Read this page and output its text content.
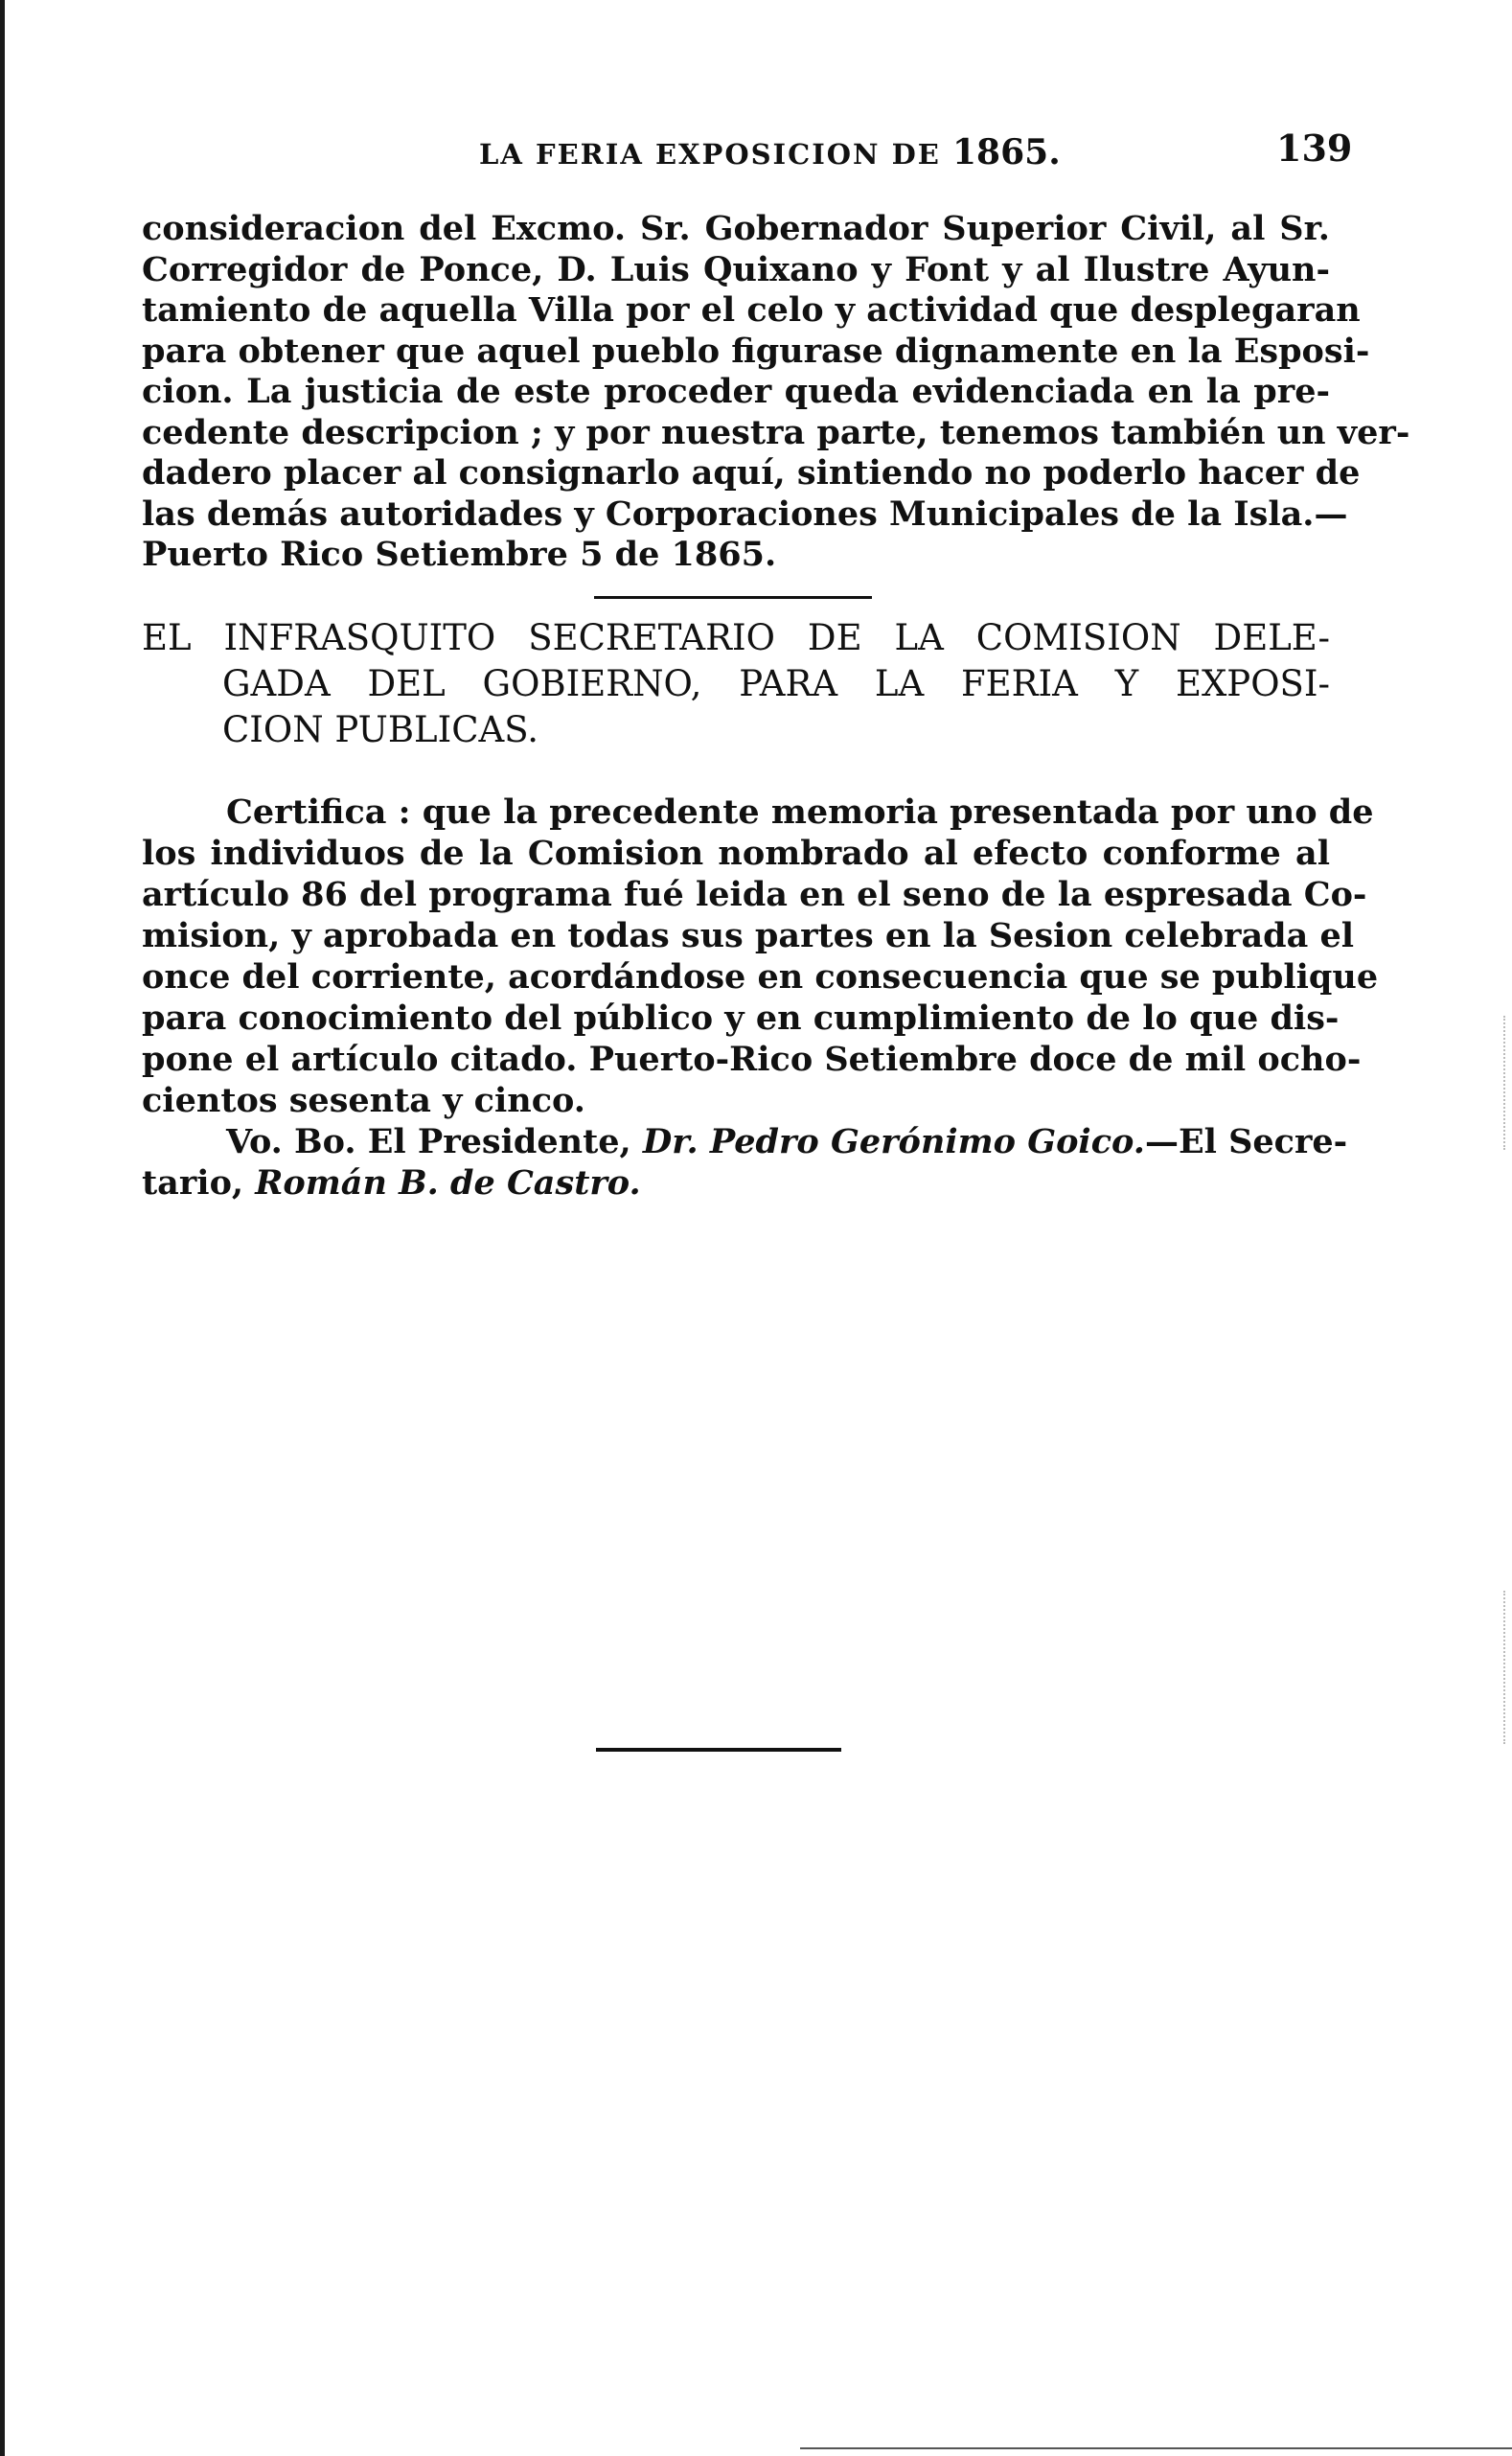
LA FERIA EXPOSICION DE 1865.	139
consideracion del Excmo. Sr. Gobernador Superior Civil, al Sr.
Corregidor de Ponce, D. Luis Quixano y Font y al Ilustre Ayun-
tamiento de aquella Villa por el celo y actividad que desplegaran
para obtener que aquel pueblo figurase dignamente en la Esposi-
cion. La justicia de este proceder queda evidenciada en la pre-
cedente descripcion ; y por nuestra parte, tenemos también un ver-
dadero placer al consignarlo aquí, sintiendo no poderlo hacer de
las demás autoridades y Corporaciones Municipales de la Isla.—
Puerto Rico Setiembre 5 de 1865.
EL INFRASQUITO SECRETARIO DE LA COMISION DELE-
GADA DEL GOBIERNO, PARA LA FERIA Y EXPOSI-
CION PUBLICAS.
Certifica : que la precedente memoria presentada por uno de
los individuos de la Comision nombrado al efecto conforme al
artículo 86 del programa fué leida en el seno de la espresada Co-
mision, y aprobada en todas sus partes en la Sesion celebrada el
once del corriente, acordándose en consecuencia que se publique
para conocimiento del público y en cumplimiento de lo que dis-
pone el artículo citado. Puerto-Rico Setiembre doce de mil ocho-
cientos sesenta y cinco.
Vo. Bo. El Presidente, Dr. Pedro Gerónimo Goico.—El Secre-
tario, Román B. de Castro.
